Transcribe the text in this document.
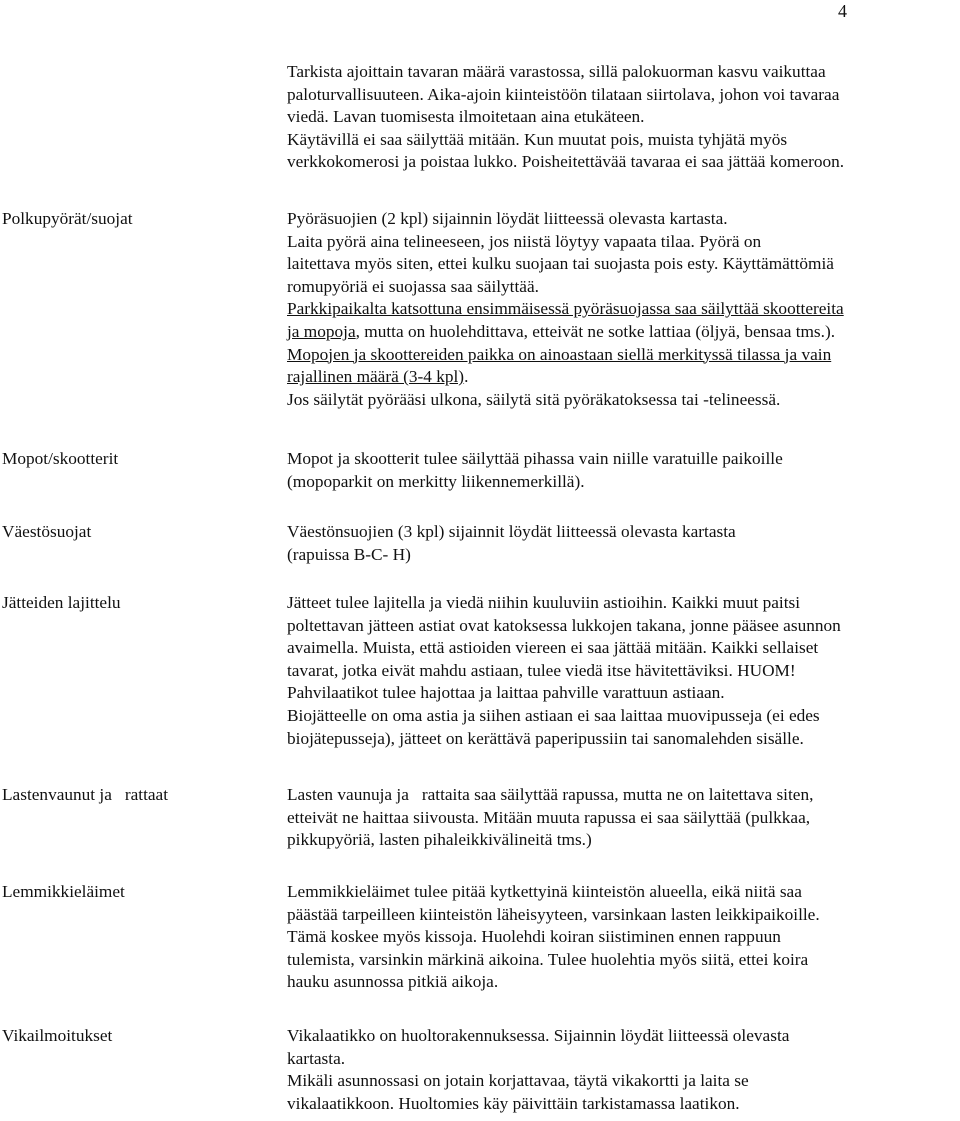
4
Tarkista ajoittain tavaran määrä varastossa, sillä palokuorman kasvu vaikuttaa
paloturvallisuuteen. Aika-ajoin kiinteistöön tilataan siirtolava, johon voi tavaraa
viedä. Lavan tuomisesta ilmoitetaan aina etukäteen.
Käytävillä ei saa säilyttää mitään. Kun muutat pois, muista tyhjätä myös
verkkokomerosi ja poistaa lukko. Poisheitettävää tavaraa ei saa jättää komeroon.
Polkupyörät/suojat	Pyöräsuojien (2 kpl) sijainnin löydät liitteessä olevasta kartasta.
Laita pyörä aina telineeseen, jos niistä löytyy vapaata tilaa. Pyörä on
laitettava myös siten, ettei kulku suojaan tai suojasta pois esty. Käyttämättömiä
romupyöriä ei suojassa saa säilyttää.
Parkkipaikalta katsottuna ensimmäisessä pyöräsuojassa saa säilyttää skoottereita
ja mopoja, mutta on huolehdittava, etteivät ne sotke lattiaa (öljyä, bensaa tms.).
Mopojen ja skoottereiden paikka on ainoastaan siellä merkityssä tilassa ja vain
rajallinen määrä (3-4 kpl).
Jos säilytät pyörääsi ulkona, säilytä sitä pyöräkatoksessa tai -telineessä.
Mopot/skootterit	Mopot ja skootterit tulee säilyttää pihassa vain niille varatuille paikoille
(mopoparkit on merkitty liikennemerkillä).
Väestösuojat	Väestönsuojien (3 kpl) sijainnit löydät liitteessä olevasta kartasta
(rapuissa B-C- H)
Jätteiden lajittelu	Jätteet tulee lajitella ja viedä niihin kuuluviin astioihin. Kaikki muut paitsi
poltettavan jätteen astiat ovat katoksessa lukkojen takana, jonne pääsee asunnon
avaimella. Muista, että astioiden viereen ei saa jättää mitään. Kaikki sellaiset
tavarat, jotka eivät mahdu astiaan, tulee viedä itse hävitettäviksi. HUOM!
Pahvilaatikot tulee hajottaa ja laittaa pahville varattuun astiaan.
Biojätteelle on oma astia ja siihen astiaan ei saa laittaa muovipusseja (ei edes
biojätepusseja), jätteet on kerättävä paperipussiin tai sanomalehden sisälle.
Lastenvaunut ja   rattaat	Lasten vaunuja ja   rattaita saa säilyttää rapussa, mutta ne on laitettava siten,
etteivät ne haittaa siivousta. Mitään muuta rapussa ei saa säilyttää (pulkkaa,
pikkupyöriä, lasten pihaleikkivälineitä tms.)
Lemmikkieläimet	Lemmikkieläimet tulee pitää kytkettyinä kiinteistön alueella, eikä niitä saa
päästää tarpeilleen kiinteistön läheisyyteen, varsinkaan lasten leikkipaikoille.
Tämä koskee myös kissoja. Huolehdi koiran siistiminen ennen rappuun
tulemista, varsinkin märkinä aikoina. Tulee huolehtia myös siitä, ettei koira
hauku asunnossa pitkiä aikoja.
Vikailmoitukset	Vikalaatikko on huoltorakennuksessa. Sijainnin löydät liitteessä olevasta
kartasta.
Mikäli asunnossasi on jotain korjattavaa, täytä vikakortti ja laita se
vikalaatikkoon. Huoltomies käy päivittäin tarkistamassa laatikon.
